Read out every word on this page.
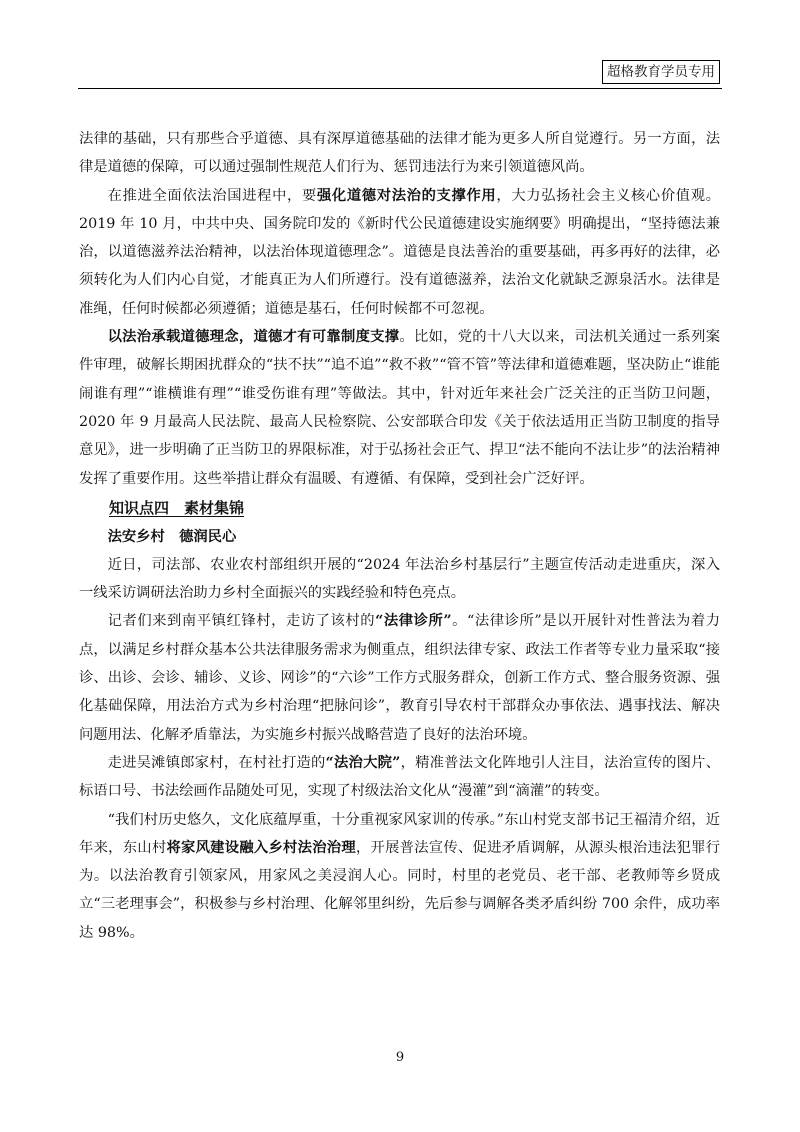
超格教育学员专用

法律的基础，只有那些合乎道德、具有深厚道德基础的法律才能为更多人所自觉遵行。另一方面，法律是道德的保障，可以通过强制性规范人们行为、惩罚违法行为来引领道德风尚。

在推进全面依法治国进程中，要强化道德对法治的支撑作用，大力弘扬社会主义核心价值观。2019 年 10 月，中共中央、国务院印发的《新时代公民道德建设实施纲要》明确提出，“坚持德法兼治，以道德滋养法治精神，以法治体现道德理念”。道德是良法善治的重要基础，再多再好的法律，必须转化为人们内心自觉，才能真正为人们所遵行。没有道德滋养，法治文化就缺乏源泉活水。法律是准绳，任何时候都必须遵循；道德是基石，任何时候都不可忽视。

以法治承载道德理念，道德才有可靠制度支撑。比如，党的十八大以来，司法机关通过一系列案件审理，破解长期困扰群众的“扶不扶”“追不追”“救不救”“管不管”等法律和道德难题，坚决防止“谁能闹谁有理”“谁横谁有理”“谁受伤谁有理”等做法。其中，针对近年来社会广泛关注的正当防卫问题，2020 年 9 月最高人民法院、最高人民检察院、公安部联合印发《关于依法适用正当防卫制度的指导意见》，进一步明确了正当防卫的界限标准，对于弘扬社会正气、捍卫“法不能向不法让步”的法治精神发挥了重要作用。这些举措让群众有温暖、有遵循、有保障，受到社会广泛好评。

知识点四　素材集锦
法安乡村　德润民心

近日，司法部、农业农村部组织开展的“2024 年法治乡村基层行”主题宣传活动走进重庆，深入一线采访调研法治助力乡村全面振兴的实践经验和特色亮点。

记者们来到南平镇红锋村，走访了该村的“法律诊所”。“法律诊所”是以开展针对性普法为着力点，以满足乡村群众基本公共法律服务需求为侧重点，组织法律专家、政法工作者等专业力量采取“接诊、出诊、会诊、辅诊、义诊、网诊”的“六诊”工作方式服务群众，创新工作方式、整合服务资源、强化基础保障，用法治方式为乡村治理“把脉问诊”，教育引导农村干部群众办事依法、遇事找法、解决问题用法、化解矛盾靠法，为实施乡村振兴战略营造了良好的法治环境。

走进吴滩镇郎家村，在村社打造的“法治大院”，精准普法文化阵地引人注目，法治宣传的图片、标语口号、书法绘画作品随处可见，实现了村级法治文化从“漫灌”到“滴灌”的转变。

“我们村历史悠久，文化底蕴厚重，十分重视家风家训的传承。”东山村党支部书记王福清介绍，近年来，东山村将家风建设融入乡村法治治理，开展普法宣传、促进矛盾调解，从源头根治违法犯罪行为。以法治教育引领家风，用家风之美浸润人心。同时，村里的老党员、老干部、老教师等乡贤成立“三老理事会”，积极参与乡村治理、化解邻里纠纷，先后参与调解各类矛盾纠纷 700 余件，成功率达 98%。

9
